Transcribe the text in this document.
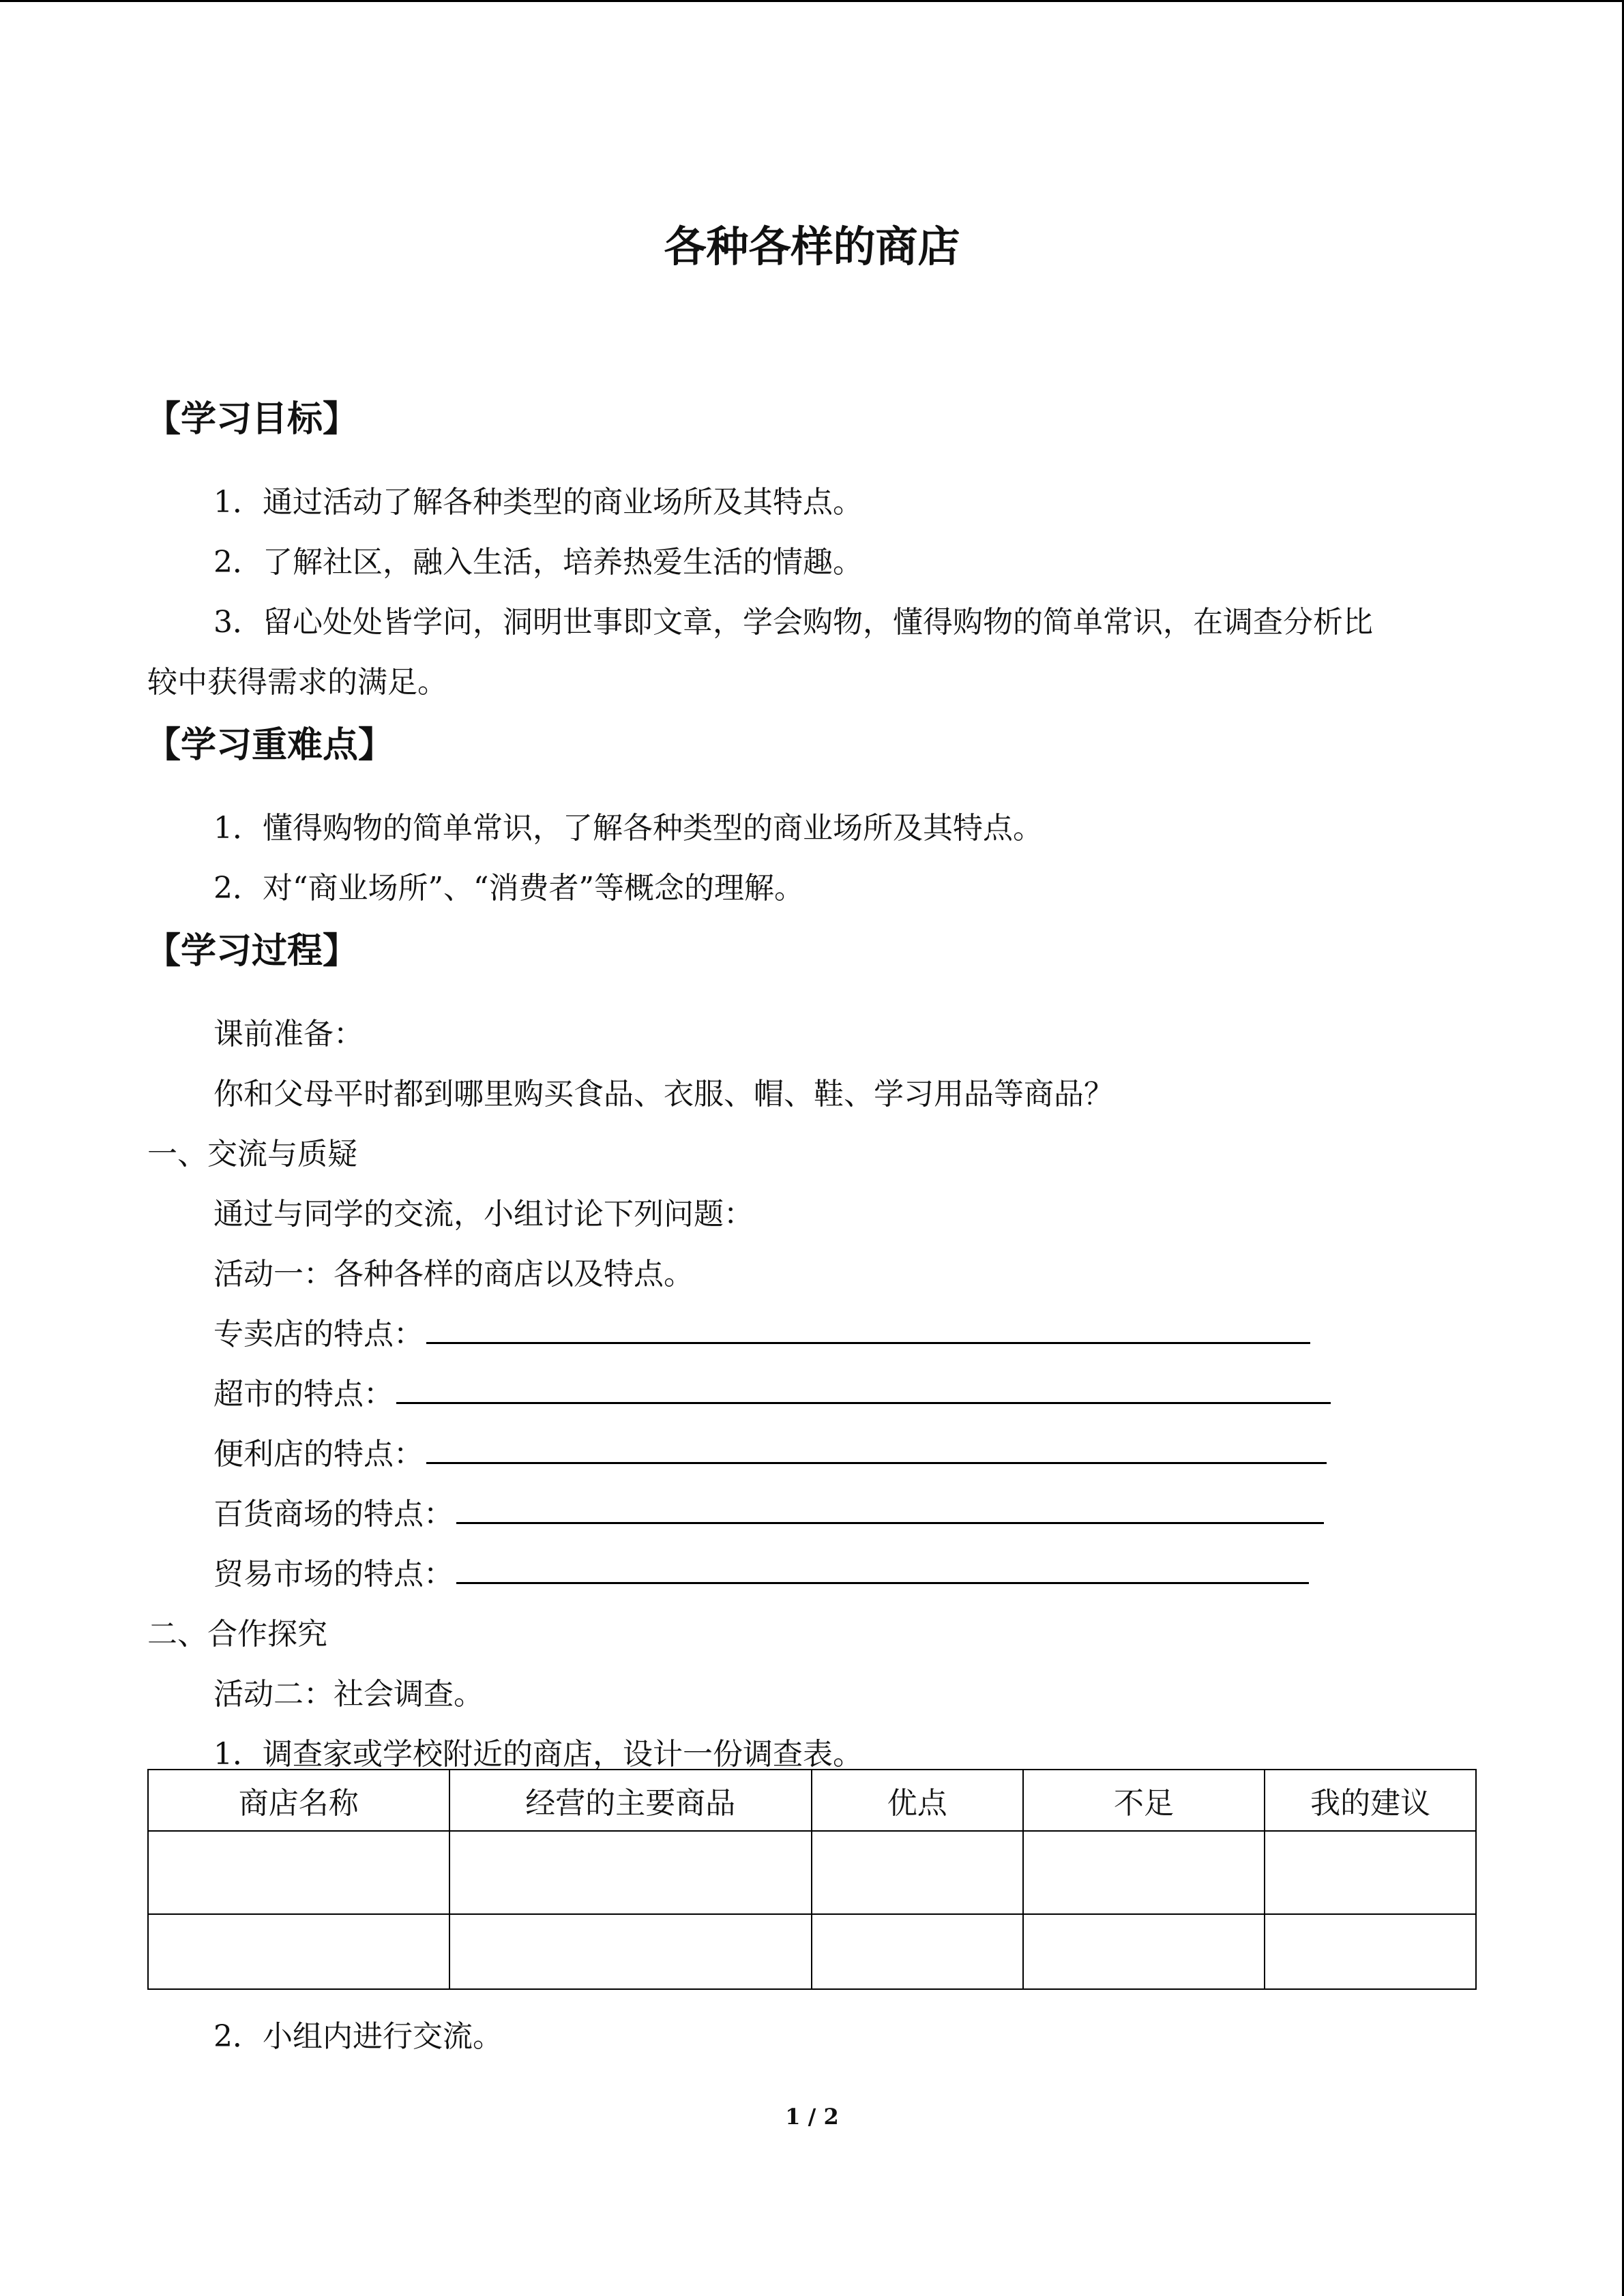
各种各样的商店
【学习目标】
1．通过活动了解各种类型的商业场所及其特点。
2．了解社区，融入生活，培养热爱生活的情趣。
3．留心处处皆学问，洞明世事即文章，学会购物，懂得购物的简单常识，在调查分析比
较中获得需求的满足。
【学习重难点】
1．懂得购物的简单常识，了解各种类型的商业场所及其特点。
2．对“商业场所”、“消费者”等概念的理解。
【学习过程】
课前准备：
你和父母平时都到哪里购买食品、衣服、帽、鞋、学习用品等商品？
一、交流与质疑
通过与同学的交流，小组讨论下列问题：
活动一：各种各样的商店以及特点。
专卖店的特点：
超市的特点：
便利店的特点：
百货商场的特点：
贸易市场的特点：
二、合作探究
活动二：社会调查。
1．调查家或学校附近的商店，设计一份调查表。
商店名称	经营的主要商品	优点	不足	我的建议

2．小组内进行交流。
1 / 2
